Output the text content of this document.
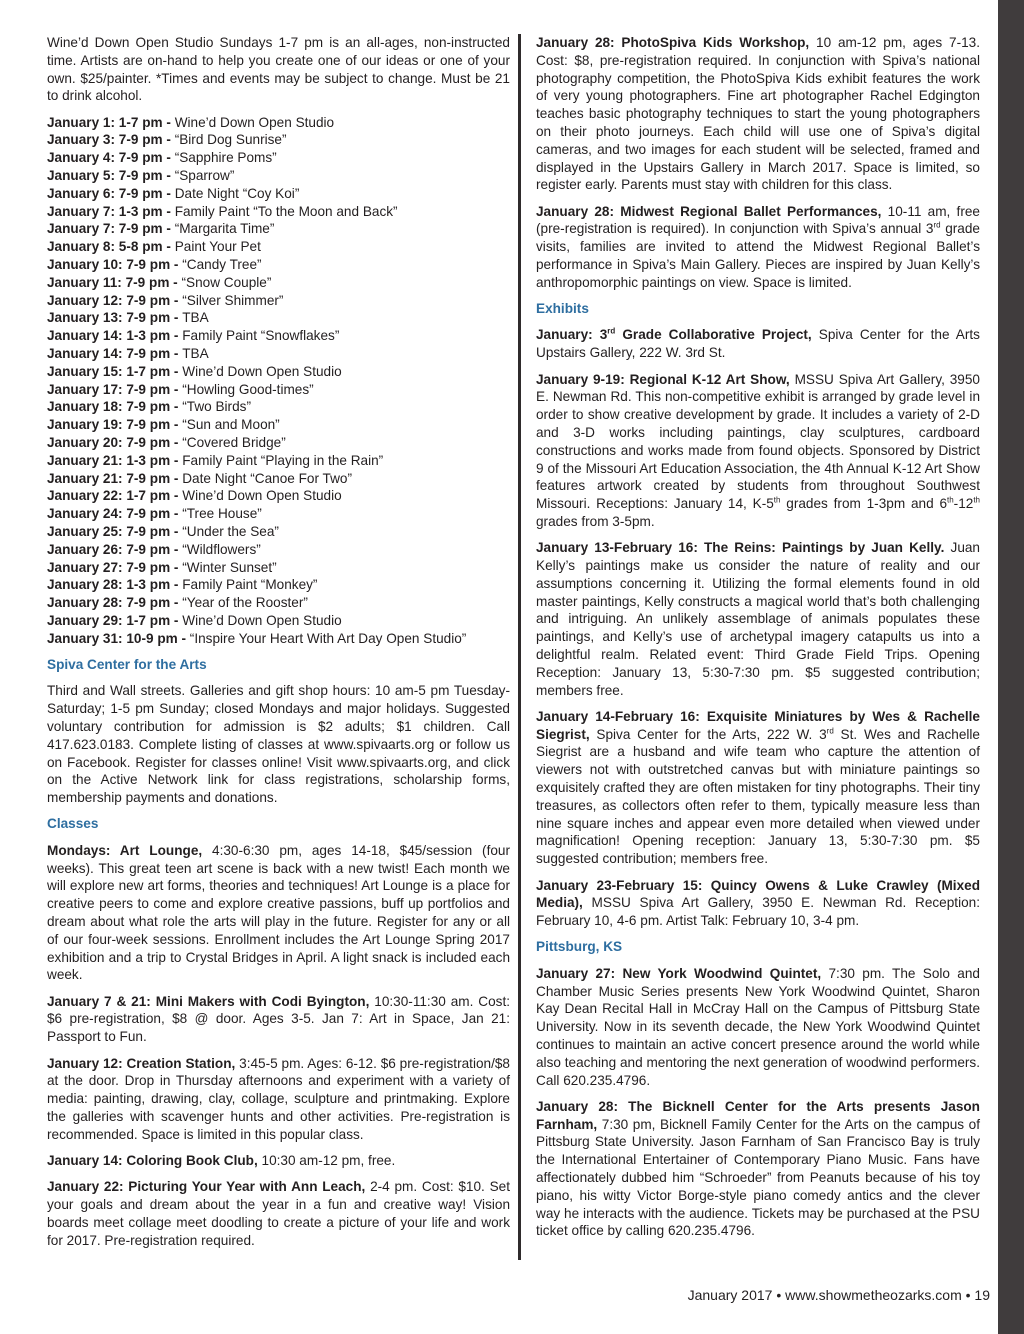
Wine’d Down Open Studio Sundays 1-7 pm is an all-ages, non-instructed time. Artists are on-hand to help you create one of our ideas or one of your own. $25/painter. *Times and events may be subject to change. Must be 21 to drink alcohol.

January 1: 1-7 pm - Wine’d Down Open Studio
January 3: 7-9 pm - “Bird Dog Sunrise”
January 4: 7-9 pm - “Sapphire Poms”
January 5: 7-9 pm - “Sparrow”
January 6: 7-9 pm - Date Night “Coy Koi”
January 7: 1-3 pm - Family Paint “To the Moon and Back”
January 7: 7-9 pm - “Margarita Time”
January 8: 5-8 pm - Paint Your Pet
January 10: 7-9 pm - “Candy Tree”
January 11: 7-9 pm - “Snow Couple”
January 12: 7-9 pm - “Silver Shimmer”
January 13: 7-9 pm - TBA
January 14: 1-3 pm - Family Paint “Snowflakes”
January 14: 7-9 pm - TBA
January 15: 1-7 pm - Wine’d Down Open Studio
January 17: 7-9 pm - “Howling Good-times”
January 18: 7-9 pm - “Two Birds”
January 19: 7-9 pm - “Sun and Moon”
January 20: 7-9 pm - “Covered Bridge”
January 21: 1-3 pm - Family Paint “Playing in the Rain”
January 21: 7-9 pm - Date Night “Canoe For Two”
January 22: 1-7 pm - Wine’d Down Open Studio
January 24: 7-9 pm - “Tree House”
January 25: 7-9 pm - “Under the Sea”
January 26: 7-9 pm - “Wildflowers”
January 27: 7-9 pm - “Winter Sunset”
January 28: 1-3 pm - Family Paint “Monkey”
January 28: 7-9 pm - “Year of the Rooster”
January 29: 1-7 pm - Wine’d Down Open Studio
January 31: 10-9 pm - “Inspire Your Heart With Art Day Open Studio”
Spiva Center for the Arts

Third and Wall streets. Galleries and gift shop hours: 10 am-5 pm Tuesday-Saturday; 1-5 pm Sunday; closed Mondays and major holidays. Suggested voluntary contribution for admission is $2 adults; $1 children. Call 417.623.0183. Complete listing of classes at www.spivaarts.org or follow us on Facebook. Register for classes online! Visit www.spivaarts.org, and click on the Active Network link for class registrations, scholarship forms, membership payments and donations.

Classes

Mondays: Art Lounge, 4:30-6:30 pm, ages 14-18, $45/session (four weeks). This great teen art scene is back with a new twist! Each month we will explore new art forms, theories and techniques! Art Lounge is a place for creative peers to come and explore creative passions, buff up portfolios and dream about what role the arts will play in the future. Register for any or all of our four-week sessions. Enrollment includes the Art Lounge Spring 2017 exhibition and a trip to Crystal Bridges in April. A light snack is included each week.

January 7 & 21: Mini Makers with Codi Byington, 10:30-11:30 am. Cost: $6 pre-registration, $8 @ door. Ages 3-5. Jan 7: Art in Space, Jan 21: Passport to Fun.

January 12: Creation Station, 3:45-5 pm. Ages: 6-12. $6 pre-registration/$8 at the door. Drop in Thursday afternoons and experiment with a variety of media: painting, drawing, clay, collage, sculpture and printmaking. Explore the galleries with scavenger hunts and other activities. Pre-registration is recommended. Space is limited in this popular class.

January 14: Coloring Book Club, 10:30 am-12 pm, free.

January 22: Picturing Your Year with Ann Leach, 2-4 pm. Cost: $10. Set your goals and dream about the year in a fun and creative way! Vision boards meet collage meet doodling to create a picture of your life and work for 2017. Pre-registration required.

January 28: PhotoSpiva Kids Workshop, 10 am-12 pm, ages 7-13. Cost: $8, pre-registration required. In conjunction with Spiva’s national photography competition, the PhotoSpiva Kids exhibit features the work of very young photographers. Fine art photographer Rachel Edgington teaches basic photography techniques to start the young photographers on their photo journeys. Each child will use one of Spiva’s digital cameras, and two images for each student will be selected, framed and displayed in the Upstairs Gallery in March 2017. Space is limited, so register early. Parents must stay with children for this class.

January 28: Midwest Regional Ballet Performances, 10-11 am, free (pre-registration is required). In conjunction with Spiva’s annual 3rd grade visits, families are invited to attend the Midwest Regional Ballet’s performance in Spiva’s Main Gallery. Pieces are inspired by Juan Kelly’s anthropomorphic paintings on view. Space is limited.

Exhibits

January: 3rd Grade Collaborative Project, Spiva Center for the Arts Upstairs Gallery, 222 W. 3rd St.

January 9-19: Regional K-12 Art Show, MSSU Spiva Art Gallery, 3950 E. Newman Rd. This non-competitive exhibit is arranged by grade level in order to show creative development by grade. It includes a variety of 2-D and 3-D works including paintings, clay sculptures, cardboard constructions and works made from found objects. Sponsored by District 9 of the Missouri Art Education Association, the 4th Annual K-12 Art Show features artwork created by students from throughout Southwest Missouri. Receptions: January 14, K-5th grades from 1-3pm and 6th-12th grades from 3-5pm.

January 13-February 16: The Reins: Paintings by Juan Kelly. Juan Kelly’s paintings make us consider the nature of reality and our assumptions concerning it. Utilizing the formal elements found in old master paintings, Kelly constructs a magical world that’s both challenging and intriguing. An unlikely assemblage of animals populates these paintings, and Kelly’s use of archetypal imagery catapults us into a delightful realm. Related event: Third Grade Field Trips. Opening Reception: January 13, 5:30-7:30 pm. $5 suggested contribution; members free.

January 14-February 16: Exquisite Miniatures by Wes & Rachelle Siegrist, Spiva Center for the Arts, 222 W. 3rd St. Wes and Rachelle Siegrist are a husband and wife team who capture the attention of viewers not with outstretched canvas but with miniature paintings so exquisitely crafted they are often mistaken for tiny photographs. Their tiny treasures, as collectors often refer to them, typically measure less than nine square inches and appear even more detailed when viewed under magnification! Opening reception: January 13, 5:30-7:30 pm. $5 suggested contribution; members free.

January 23-February 15: Quincy Owens & Luke Crawley (Mixed Media), MSSU Spiva Art Gallery, 3950 E. Newman Rd. Reception: February 10, 4-6 pm. Artist Talk: February 10, 3-4 pm.

Pittsburg, KS

January 27: New York Woodwind Quintet, 7:30 pm. The Solo and Chamber Music Series presents New York Woodwind Quintet, Sharon Kay Dean Recital Hall in McCray Hall on the Campus of Pittsburg State University. Now in its seventh decade, the New York Woodwind Quintet continues to maintain an active concert presence around the world while also teaching and mentoring the next generation of woodwind performers. Call 620.235.4796.

January 28: The Bicknell Center for the Arts presents Jason Farnham, 7:30 pm, Bicknell Family Center for the Arts on the campus of Pittsburg State University. Jason Farnham of San Francisco Bay is truly the International Entertainer of Contemporary Piano Music. Fans have affectionately dubbed him “Schroeder” from Peanuts because of his toy piano, his witty Victor Borge-style piano comedy antics and the clever way he interacts with the audience. Tickets may be purchased at the PSU ticket office by calling 620.235.4796.

January 2017 • www.showmetheozarks.com • 19
